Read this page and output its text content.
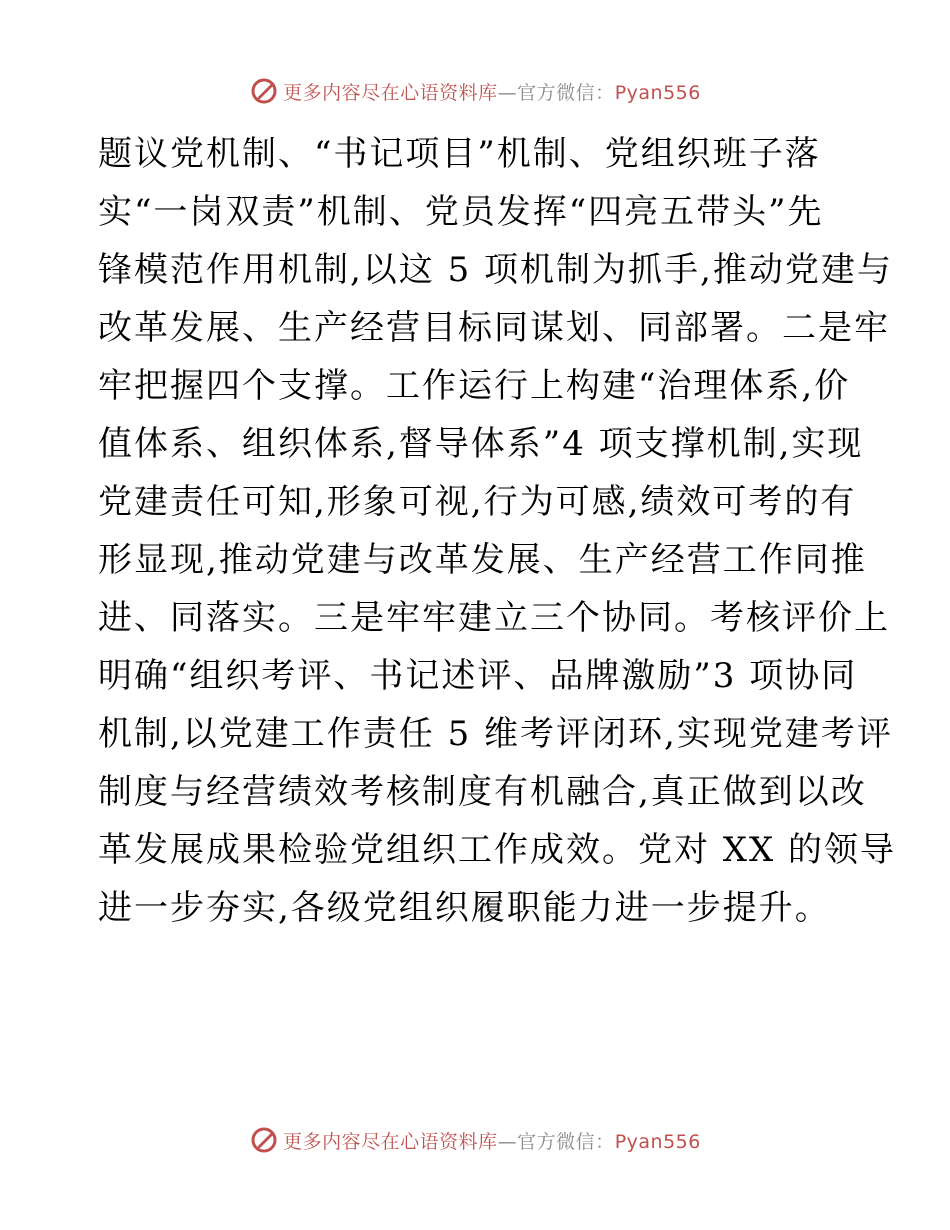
更多内容尽在心语资料库—官方微信：Pyan556
题议党机制、“书记项目”机制、党组织班子落
实“一岗双责”机制、党员发挥“四亮五带头”先
锋模范作用机制,以这 5 项机制为抓手,推动党建与
改革发展、生产经营目标同谋划、同部署。二是牢
牢把握四个支撑。工作运行上构建“治理体系,价
值体系、组织体系,督导体系”4 项支撑机制,实现
党建责任可知,形象可视,行为可感,绩效可考的有
形显现,推动党建与改革发展、生产经营工作同推
进、同落实。三是牢牢建立三个协同。考核评价上
明确“组织考评、书记述评、品牌激励”3 项协同
机制,以党建工作责任 5 维考评闭环,实现党建考评
制度与经营绩效考核制度有机融合,真正做到以改
革发展成果检验党组织工作成效。党对 XX 的领导
进一步夯实,各级党组织履职能力进一步提升。
更多内容尽在心语资料库—官方微信：Pyan556
